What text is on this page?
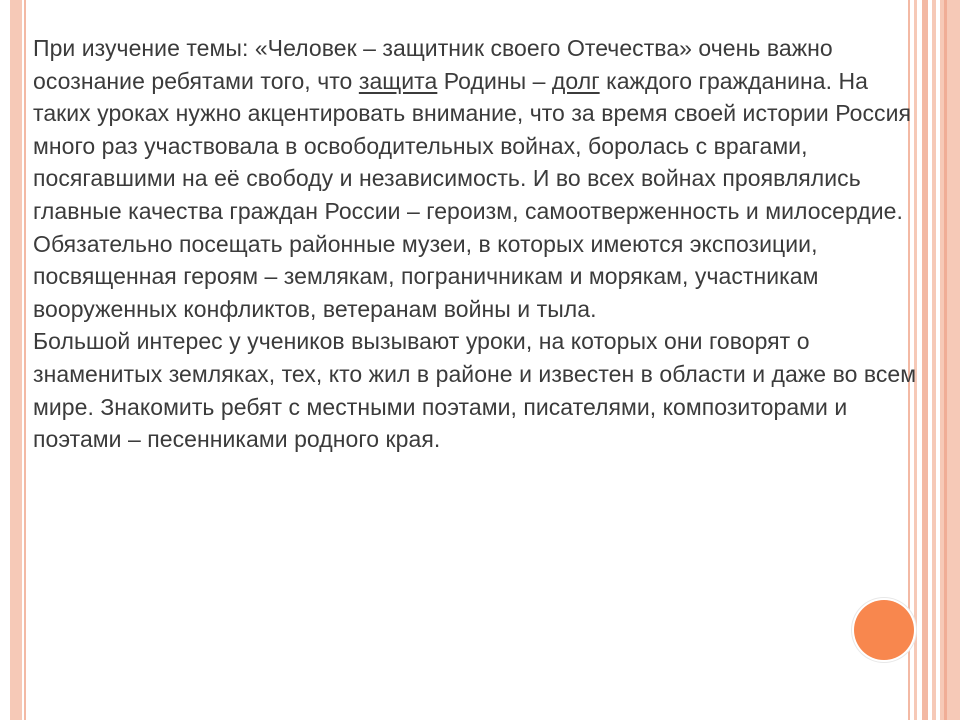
При изучение темы: «Человек – защитник своего Отечества» очень важно осознание ребятами того, что защита Родины – долг каждого гражданина. На таких уроках нужно акцентировать внимание, что за время своей истории Россия много раз участвовала в освободительных войнах, боролась с врагами, посягавшими на её свободу и независимость. И во всех войнах проявлялись главные качества граждан России – героизм, самоотверженность и милосердие. Обязательно посещать районные музеи, в которых имеются экспозиции, посвященная героям – землякам, пограничникам и морякам, участникам вооруженных конфликтов, ветеранам войны и тыла.

Большой интерес у учеников вызывают уроки, на которых они говорят о знаменитых земляках, тех, кто жил в районе и известен в области и даже во всем мире. Знакомить ребят с местными поэтами, писателями, композиторами и поэтами – песенниками родного края.
